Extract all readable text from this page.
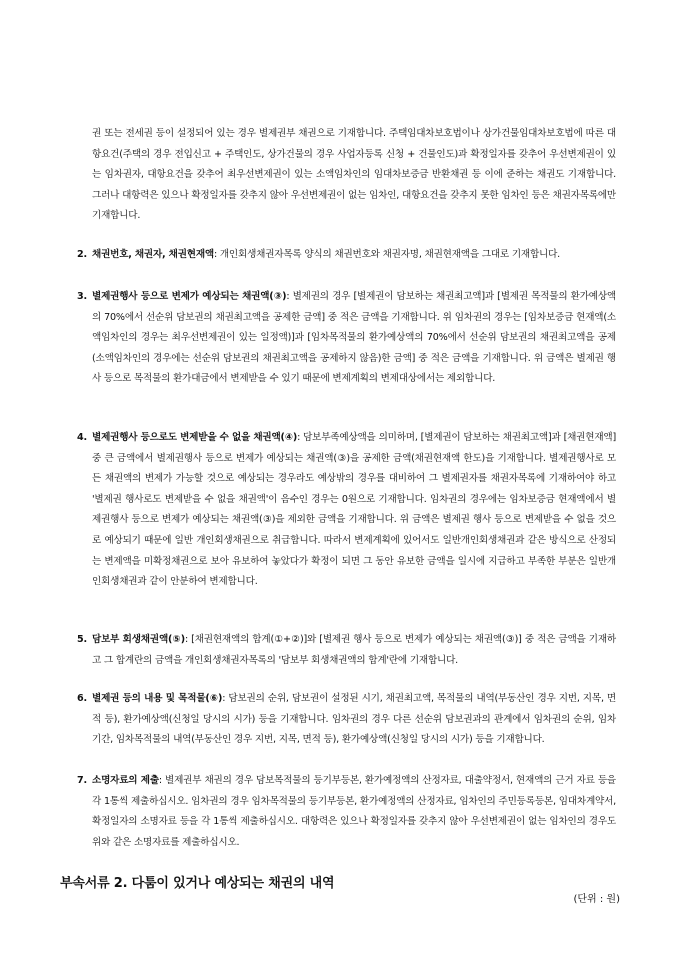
권 또는 전세권 등이 설정되어 있는 경우 별제권부 채권으로 기재합니다. 주택임대차보호법이나 상가건물임대차보호법에 따른 대항요건(주택의 경우 전입신고 + 주택인도, 상가건물의 경우 사업자등록 신청 + 건물인도)과 확정일자를 갖추어 우선변제권이 있는 임차권자, 대항요건을 갖추어 최우선변제권이 있는 소액임차인의 임대차보증금 반환채권 등 이에 준하는 채권도 기재합니다. 그러나 대항력은 있으나 확정일자를 갖추지 않아 우선변제권이 없는 임차인, 대항요건을 갖추지 못한 임차인 등은 채권자목록에만 기재합니다.
2. 채권번호, 채권자, 채권현재액: 개인회생채권자목록 양식의 채권번호와 채권자명, 채권현재액을 그대로 기재합니다.
3. 별제권행사 등으로 변제가 예상되는 채권액(③): 별제권의 경우 [별제권이 담보하는 채권최고액]과 [별제권 목적물의 환가예상액의 70%에서 선순위 담보권의 채권최고액을 공제한 금액] 중 적은 금액을 기재합니다. 위 임차권의 경우는 [임차보증금 현재액(소액임차인의 경우는 최우선변제권이 있는 일정액)]과 [임차목적물의 환가예상액의 70%에서 선순위 담보권의 채권최고액을 공제(소액임차인의 경우에는 선순위 담보권의 채권최고액을 공제하지 않음)한 금액] 중 적은 금액을 기재합니다. 위 금액은 별제권 행사 등으로 목적물의 환가대금에서 변제받을 수 있기 때문에 변제계획의 변제대상에서는 제외합니다.
4. 별제권행사 등으로도 변제받을 수 없을 채권액(④): 담보부족예상액을 의미하며, [별제권이 담보하는 채권최고액]과 [채권현재액] 중 큰 금액에서 별제권행사 등으로 변제가 예상되는 채권액(③)을 공제한 금액(채권현재액 한도)을 기재합니다. 별제권행사로 모든 채권액의 변제가 가능할 것으로 예상되는 경우라도 예상밖의 경우를 대비하여 그 별제권자를 채권자목록에 기재하여야 하고 '별제권 행사로도 변제받을 수 없을 채권액'이 음수인 경우는 0원으로 기재합니다. 임차권의 경우에는 임차보증금 현재액에서 별제권행사 등으로 변제가 예상되는 채권액(③)을 제외한 금액을 기재합니다. 위 금액은 별제권 행사 등으로 변제받을 수 없을 것으로 예상되기 때문에 일반 개인회생채권으로 취급합니다. 따라서 변제계획에 있어서도 일반개인회생채권과 같은 방식으로 산정되는 변제액을 미확정채권으로 보아 유보하여 놓았다가 확정이 되면 그 동안 유보한 금액을 일시에 지급하고 부족한 부분은 일반개인회생채권과 같이 안분하여 변제합니다.
5. 담보부 회생채권액(⑤): [채권현재액의 합계(①+②)]와 [별제권 행사 등으로 변제가 예상되는 채권액(③)] 중 적은 금액을 기재하고 그 합계란의 금액을 개인회생채권자목록의 '담보부 회생채권액의 합계'란에 기재합니다.
6. 별제권 등의 내용 및 목적물(⑥): 담보권의 순위, 담보권이 설정된 시기, 채권최고액, 목적물의 내역(부동산인 경우 지번, 지목, 면적 등), 환가예상액(신청일 당시의 시가) 등을 기재합니다. 임차권의 경우 다른 선순위 담보권과의 관계에서 임차권의 순위, 임차기간, 임차목적물의 내역(부동산인 경우 지번, 지목, 면적 등), 환가예상액(신청일 당시의 시가) 등을 기재합니다.
7. 소명자료의 제출: 별제권부 채권의 경우 담보목적물의 등기부등본, 환가예정액의 산정자료, 대출약정서, 현재액의 근거 자료 등을 각 1통씩 제출하십시오. 임차권의 경우 임차목적물의 등기부등본, 환가예정액의 산정자료, 임차인의 주민등록등본, 임대차계약서, 확정일자의 소명자료 등을 각 1통씩 제출하십시오. 대항력은 있으나 확정일자를 갖추지 않아 우선변제권이 없는 임차인의 경우도 위와 같은 소명자료를 제출하십시오.
부속서류 2. 다툼이 있거나 예상되는 채권의 내역
(단위 : 원)
